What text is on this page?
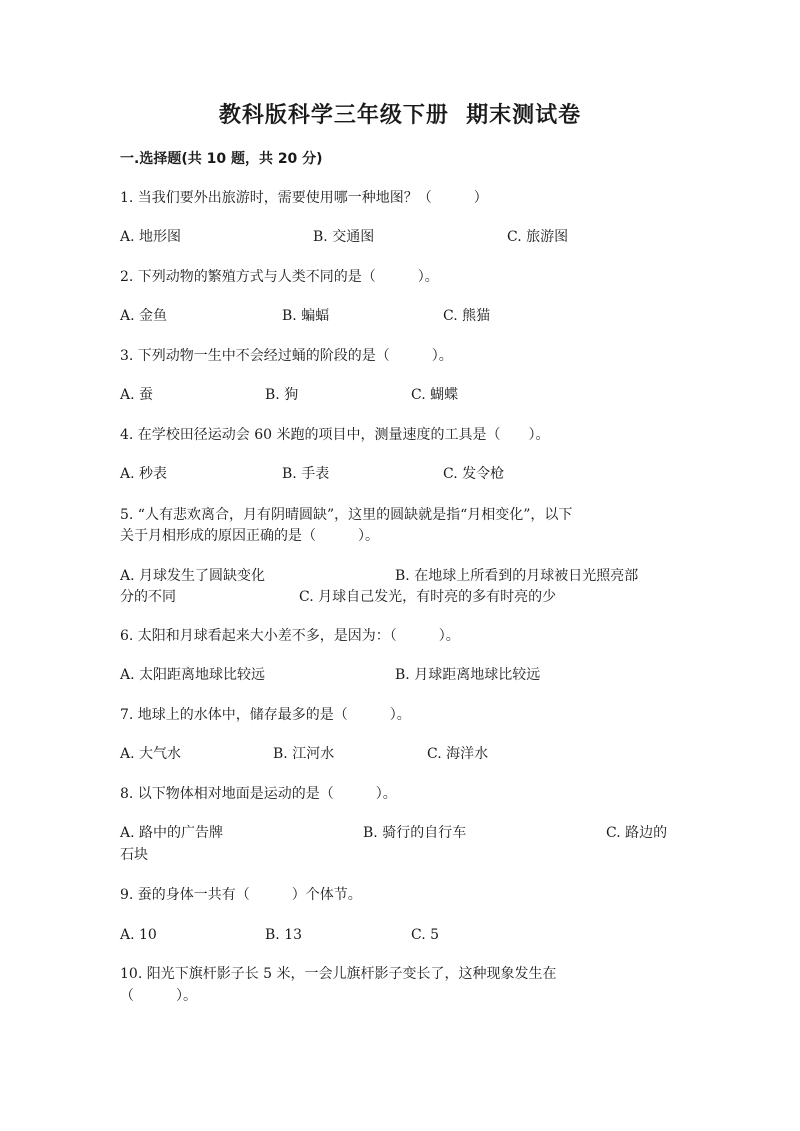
教科版科学三年级下册  期末测试卷
一.选择题(共 10 题，共 20 分)
1. 当我们要外出旅游时，需要使用哪一种地图？（　　　）
A. 地形图	B. 交通图	C. 旅游图
2. 下列动物的繁殖方式与人类不同的是（　　　）。
A. 金鱼	B. 蝙蝠	C. 熊猫
3. 下列动物一生中不会经过蛹的阶段的是（　　　）。
A. 蚕	B. 狗	C. 蝴蝶
4. 在学校田径运动会 60 米跑的项目中，测量速度的工具是（　　）。
A. 秒表	B. 手表	C. 发令枪
5. “人有悲欢离合，月有阴晴圆缺”，这里的圆缺就是指“月相变化”，以下
关于月相形成的原因正确的是（　　　）。
A. 月球发生了圆缺变化	B. 在地球上所看到的月球被日光照亮部
分的不同	C. 月球自己发光，有时亮的多有时亮的少
6. 太阳和月球看起来大小差不多，是因为：（　　　）。
A. 太阳距离地球比较远	B. 月球距离地球比较远
7. 地球上的水体中，储存最多的是（　　　）。
A. 大气水	B. 江河水	C. 海洋水
8. 以下物体相对地面是运动的是（　　　）。
A. 路中的广告牌	B. 骑行的自行车	C. 路边的
石块
9. 蚕的身体一共有（　　　）个体节。
A. 10	B. 13	C. 5
10. 阳光下旗杆影子长 5 米，一会儿旗杆影子变长了，这种现象发生在
（　　　）。
